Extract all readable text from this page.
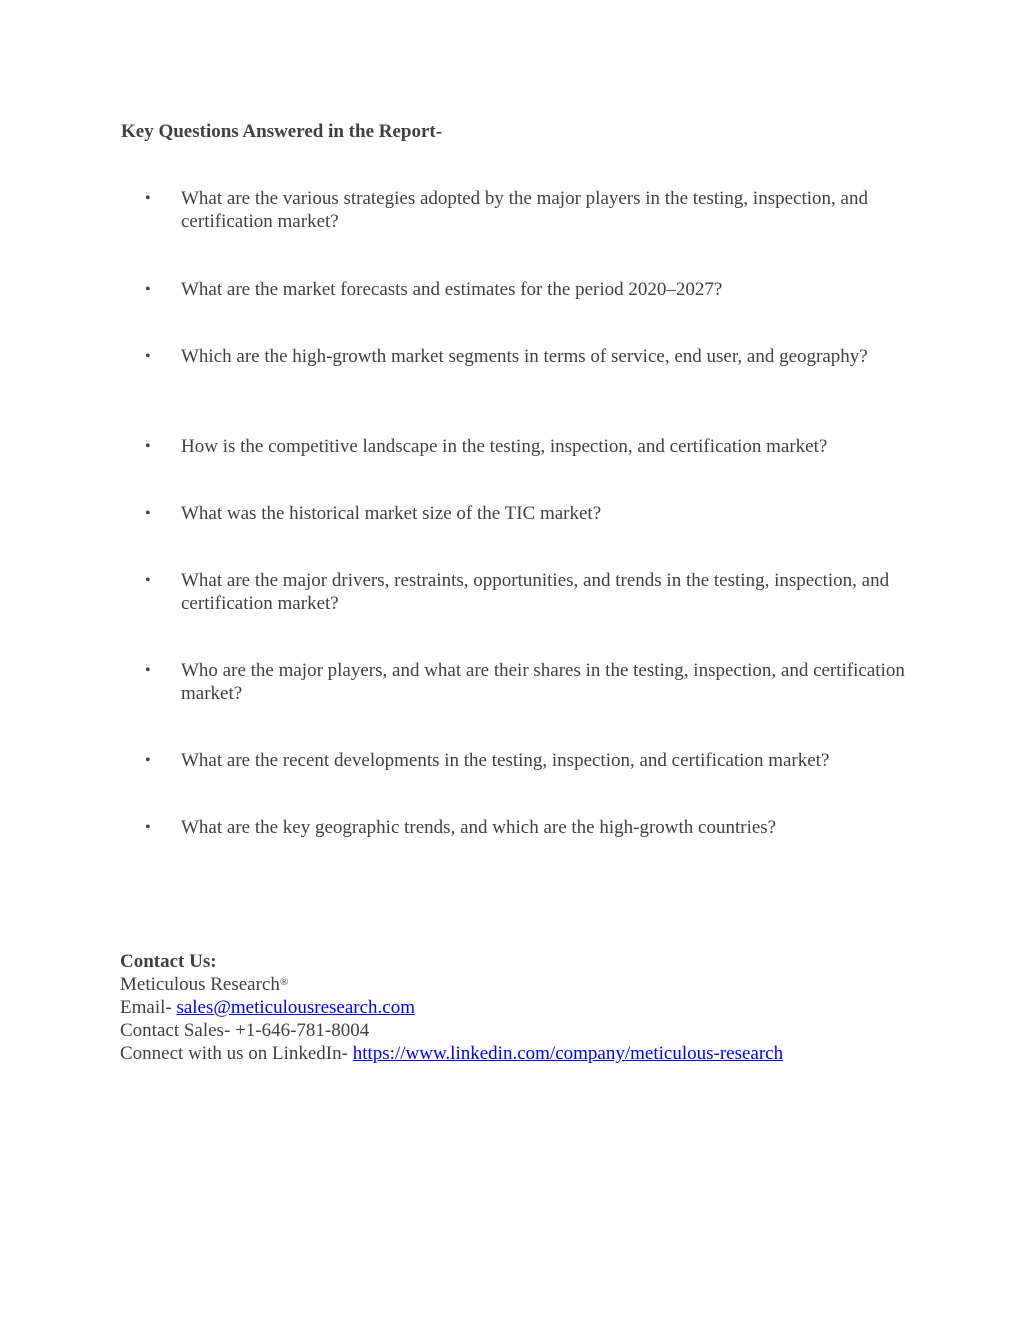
Key Questions Answered in the Report-
•	What are the various strategies adopted by the major players in the testing, inspection, and certification market?
•	What are the market forecasts and estimates for the period 2020–2027?
•	Which are the high-growth market segments in terms of service, end user, and geography?
•	How is the competitive landscape in the testing, inspection, and certification market?
•	What was the historical market size of the TIC market?
•	What are the major drivers, restraints, opportunities, and trends in the testing, inspection, and certification market?
•	Who are the major players, and what are their shares in the testing, inspection, and certification market?
•	What are the recent developments in the testing, inspection, and certification market?
•	What are the key geographic trends, and which are the high-growth countries?
Contact Us:
Meticulous Research®
Email- sales@meticulousresearch.com
Contact Sales- +1-646-781-8004
Connect with us on LinkedIn- https://www.linkedin.com/company/meticulous-research
